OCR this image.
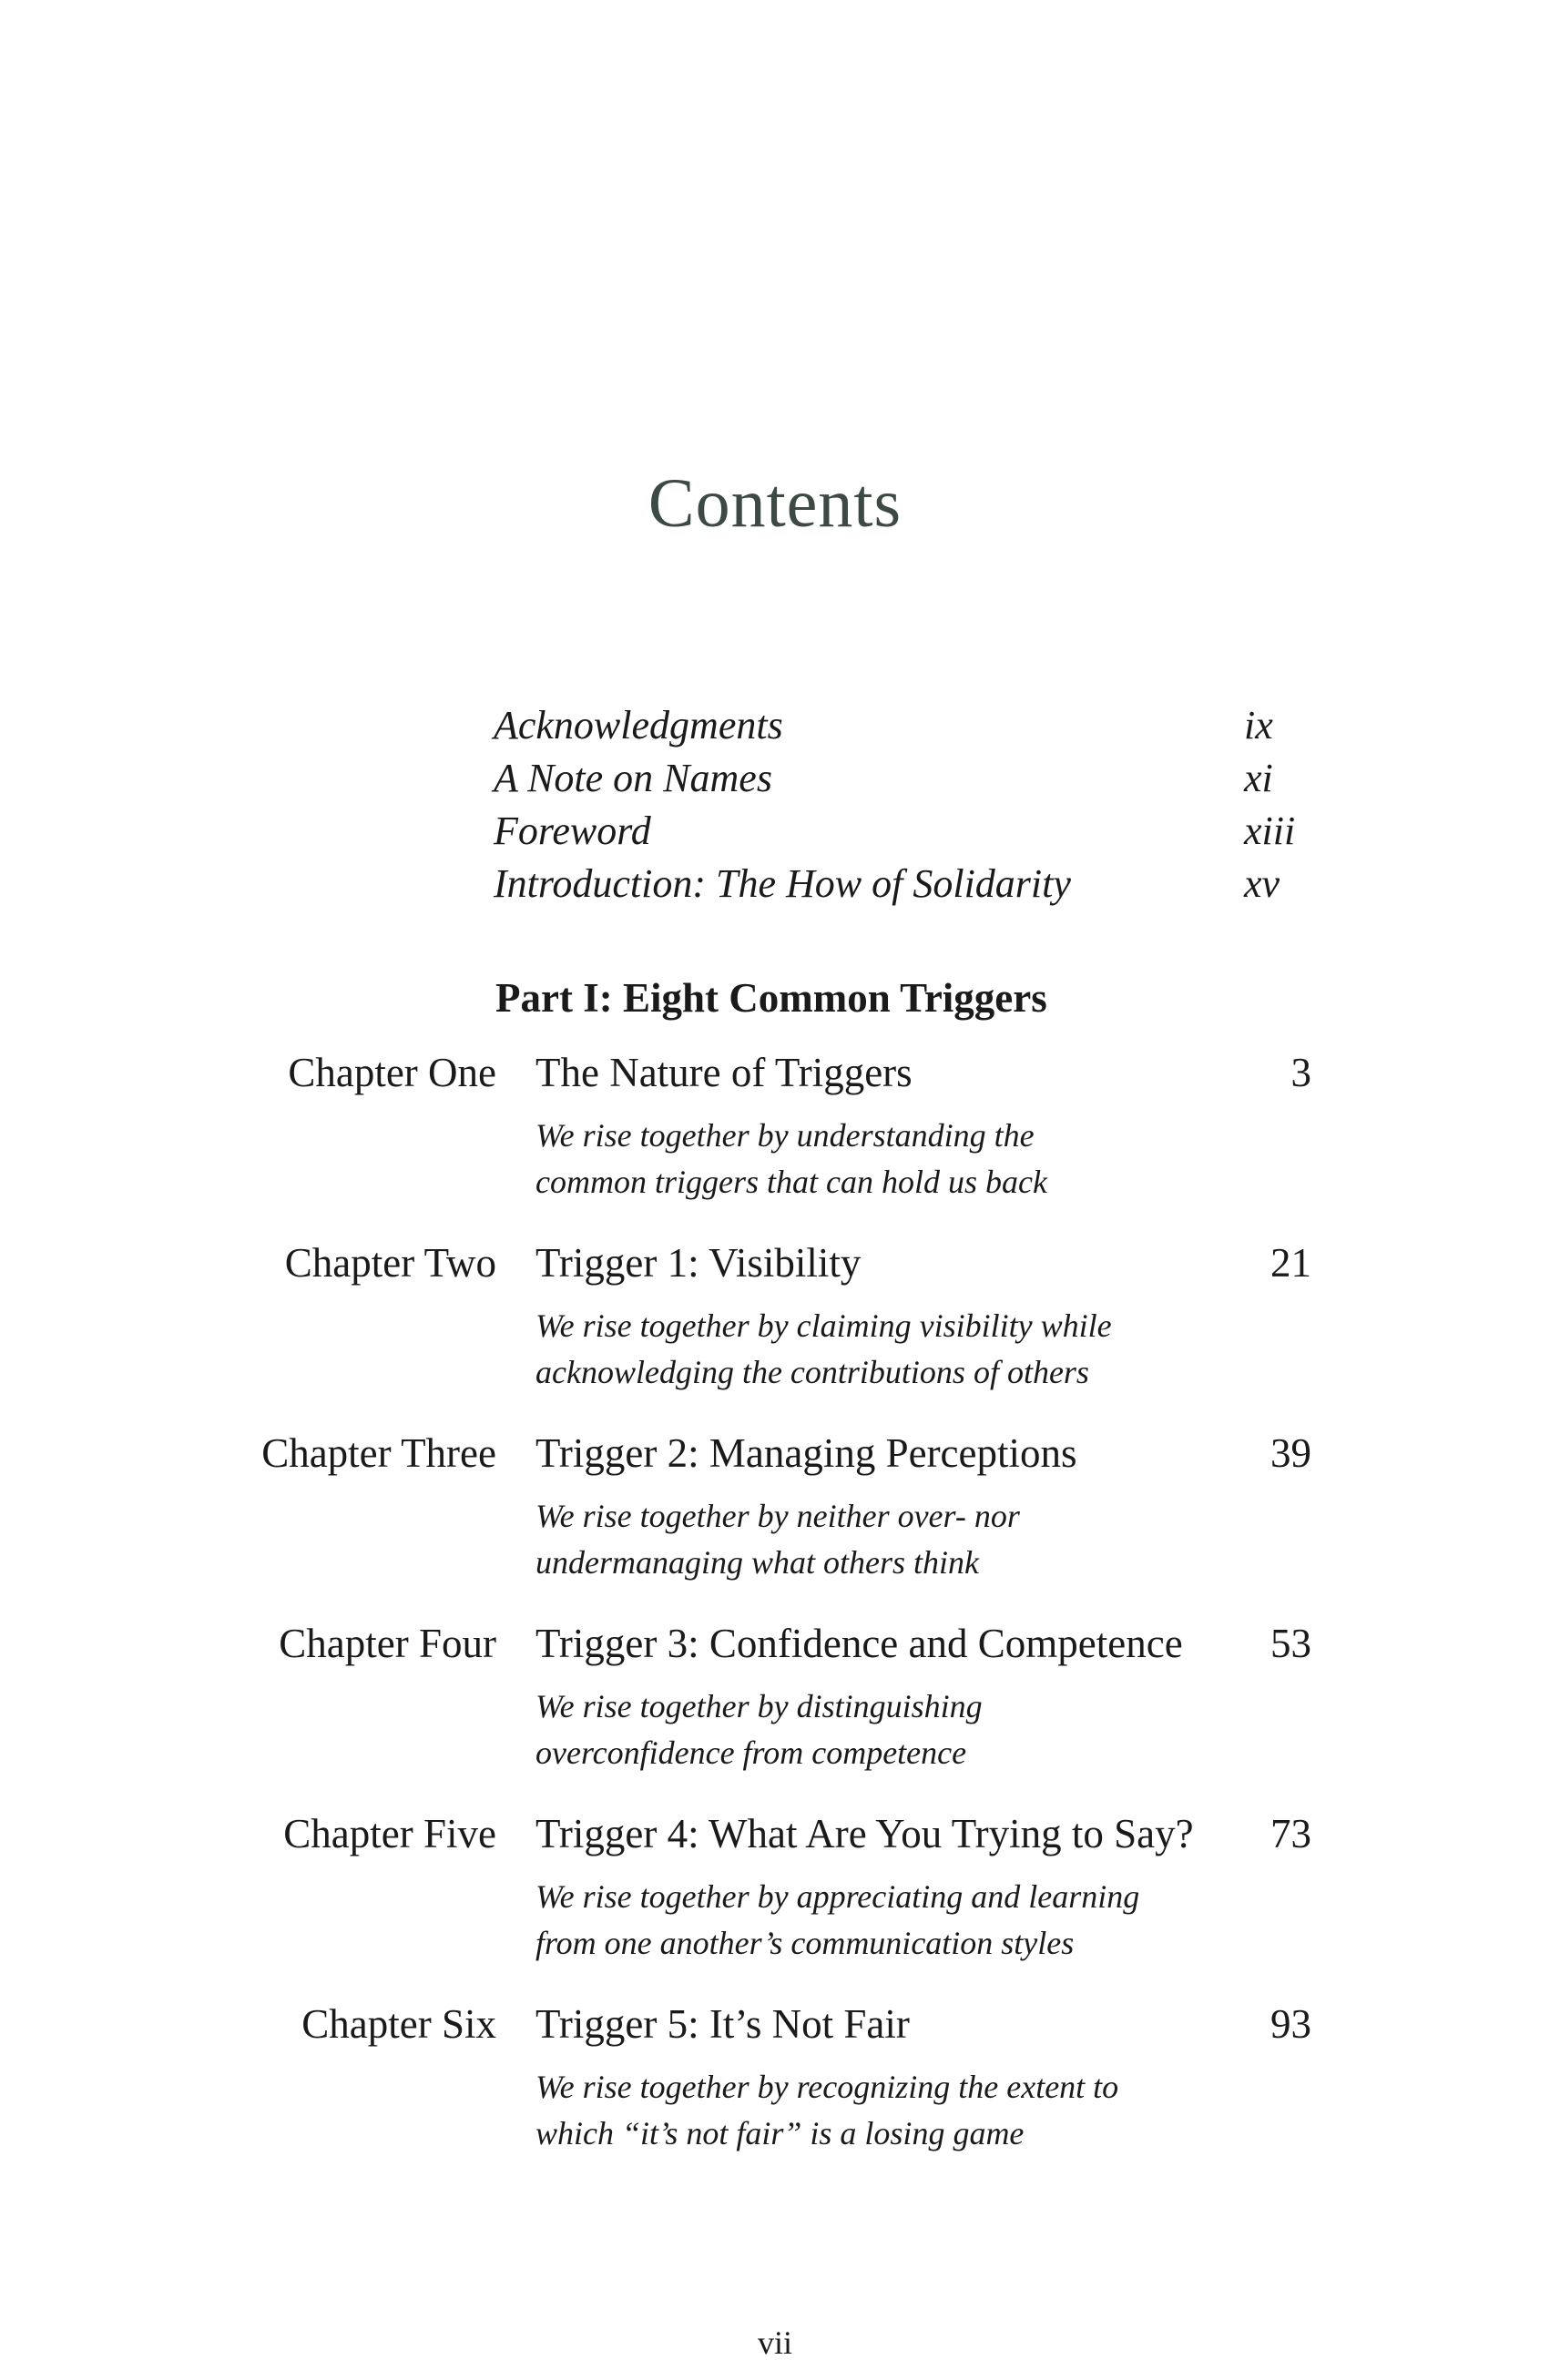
Contents
Acknowledgments	ix
A Note on Names	xi
Foreword	xiii
Introduction: The How of Solidarity	xv
Part I: Eight Common Triggers
Chapter One The Nature of Triggers	3
We rise together by understanding the
common triggers that can hold us back
Chapter Two Trigger 1: Visibility	21
We rise together by claiming visibility while
acknowledging the contributions of others
Chapter Three Trigger 2: Managing Perceptions	39
We rise together by neither over- nor
undermanaging what others think
Chapter Four Trigger 3: Confidence and Competence 53
We rise together by distinguishing
overconfidence from competence
Chapter Five Trigger 4: What Are You Trying to Say? 73
We rise together by appreciating and learning
from one another’s communication styles
Chapter Six Trigger 5: It’s Not Fair	93
We rise together by recognizing the extent to
which “it’s not fair” is a losing game
vii
